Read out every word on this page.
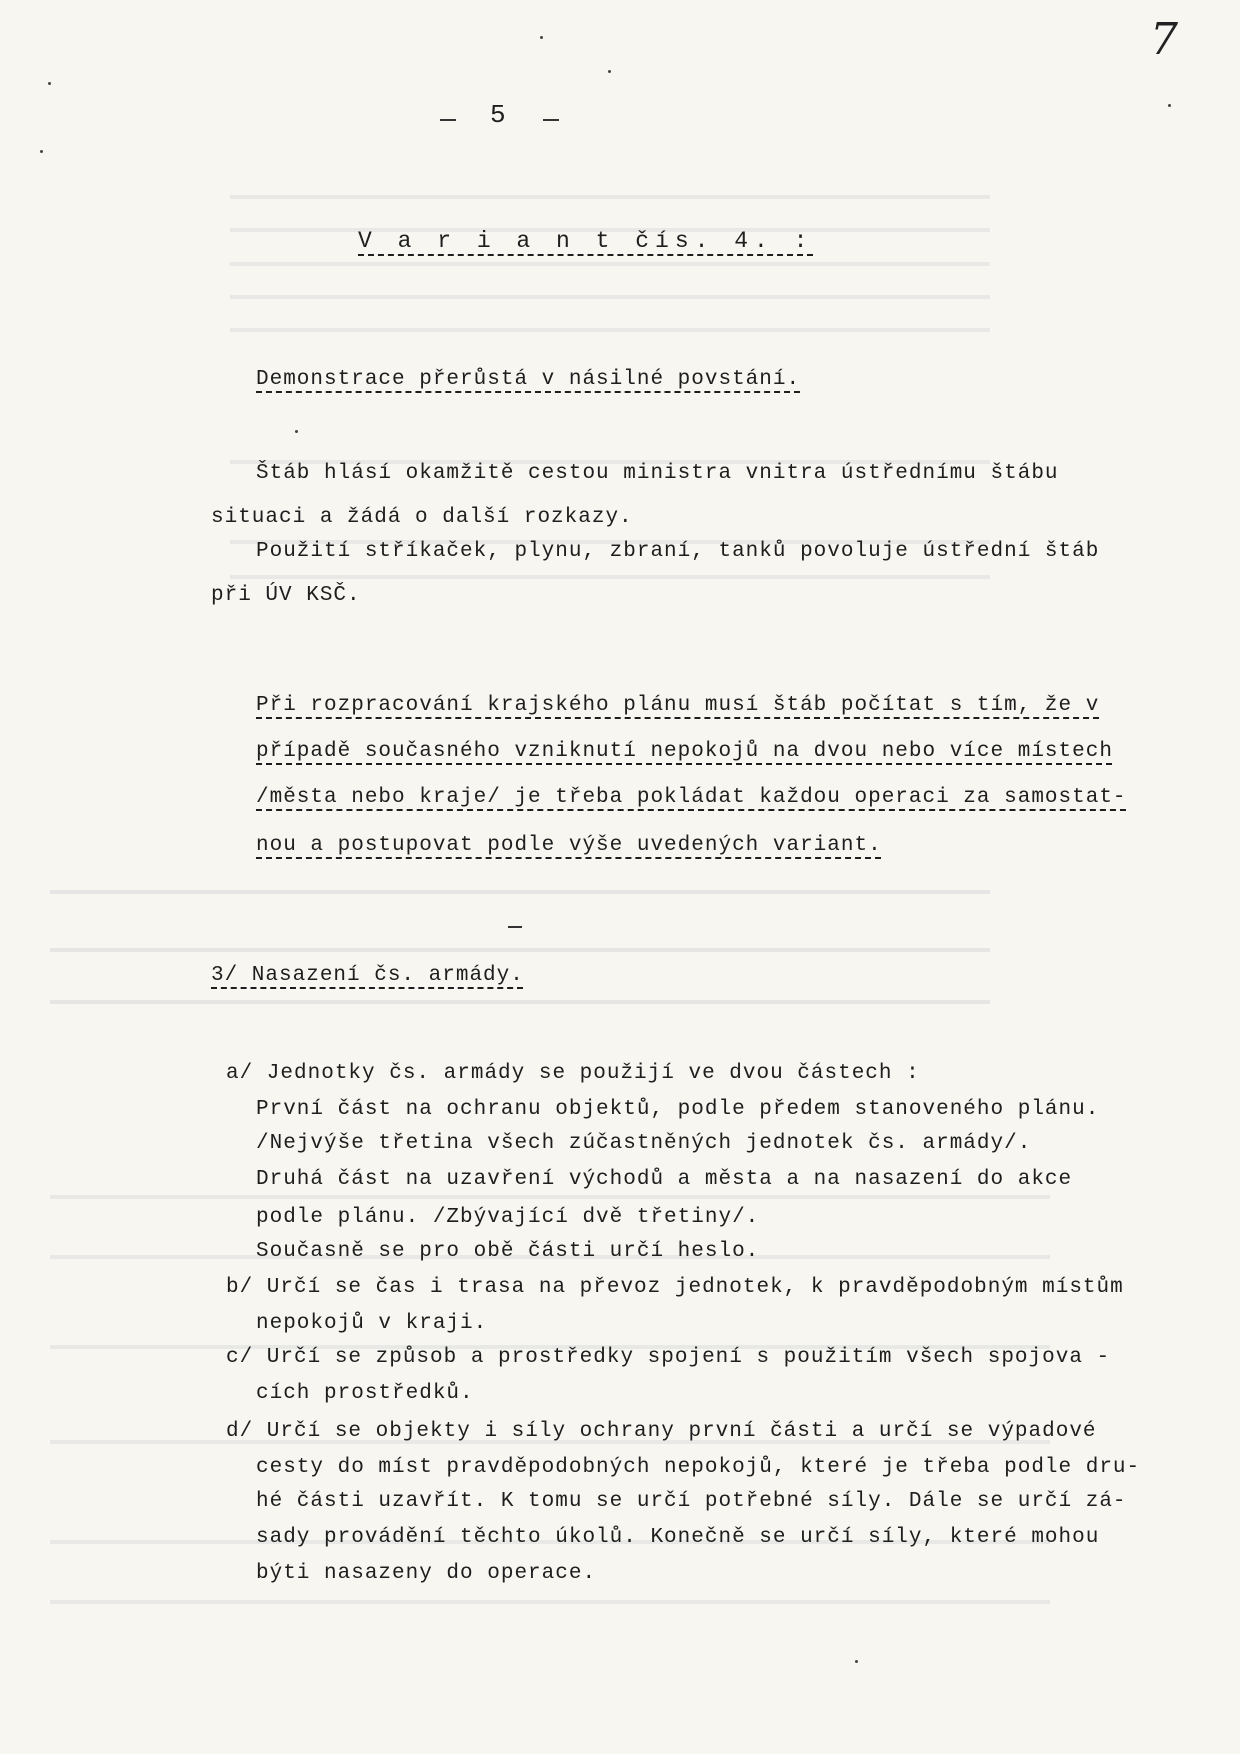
7
5
V a r i a n t čís. 4. :
Demonstrace přerůstá v násilné povstání.
Štáb hlásí okamžitě cestou ministra vnitra ústřednímu štábu
situaci a žádá o další rozkazy.
Použití stříkaček, plynu, zbraní, tanků povoluje ústřední štáb
při ÚV KSČ.
Při rozpracování krajského plánu musí štáb počítat s tím, že v
případě současného vzniknutí nepokojů na dvou nebo více místech
/města nebo kraje/ je třeba pokládat každou operaci za samostat-
nou a postupovat podle výše uvedených variant.
3/ Nasazení čs. armády.
a/ Jednotky čs. armády se použijí ve dvou částech :
První část na ochranu objektů, podle předem stanoveného plánu.
/Nejvýše třetina všech zúčastněných jednotek čs. armády/.
Druhá část na uzavření východů a města a na nasazení do akce
podle plánu. /Zbývající dvě třetiny/.
Současně se pro obě části určí heslo.
b/ Určí se čas i trasa na převoz jednotek, k pravděpodobným místům
nepokojů v kraji.
c/ Určí se způsob a prostředky spojení s použitím všech spojova -
cích prostředků.
d/ Určí se objekty i síly ochrany první části a určí se výpadové
cesty do míst pravděpodobných nepokojů, které je třeba podle dru-
hé části uzavřít. K tomu se určí potřebné síly. Dále se určí zá-
sady provádění těchto úkolů. Konečně se určí síly, které mohou
býti nasazeny do operace.
